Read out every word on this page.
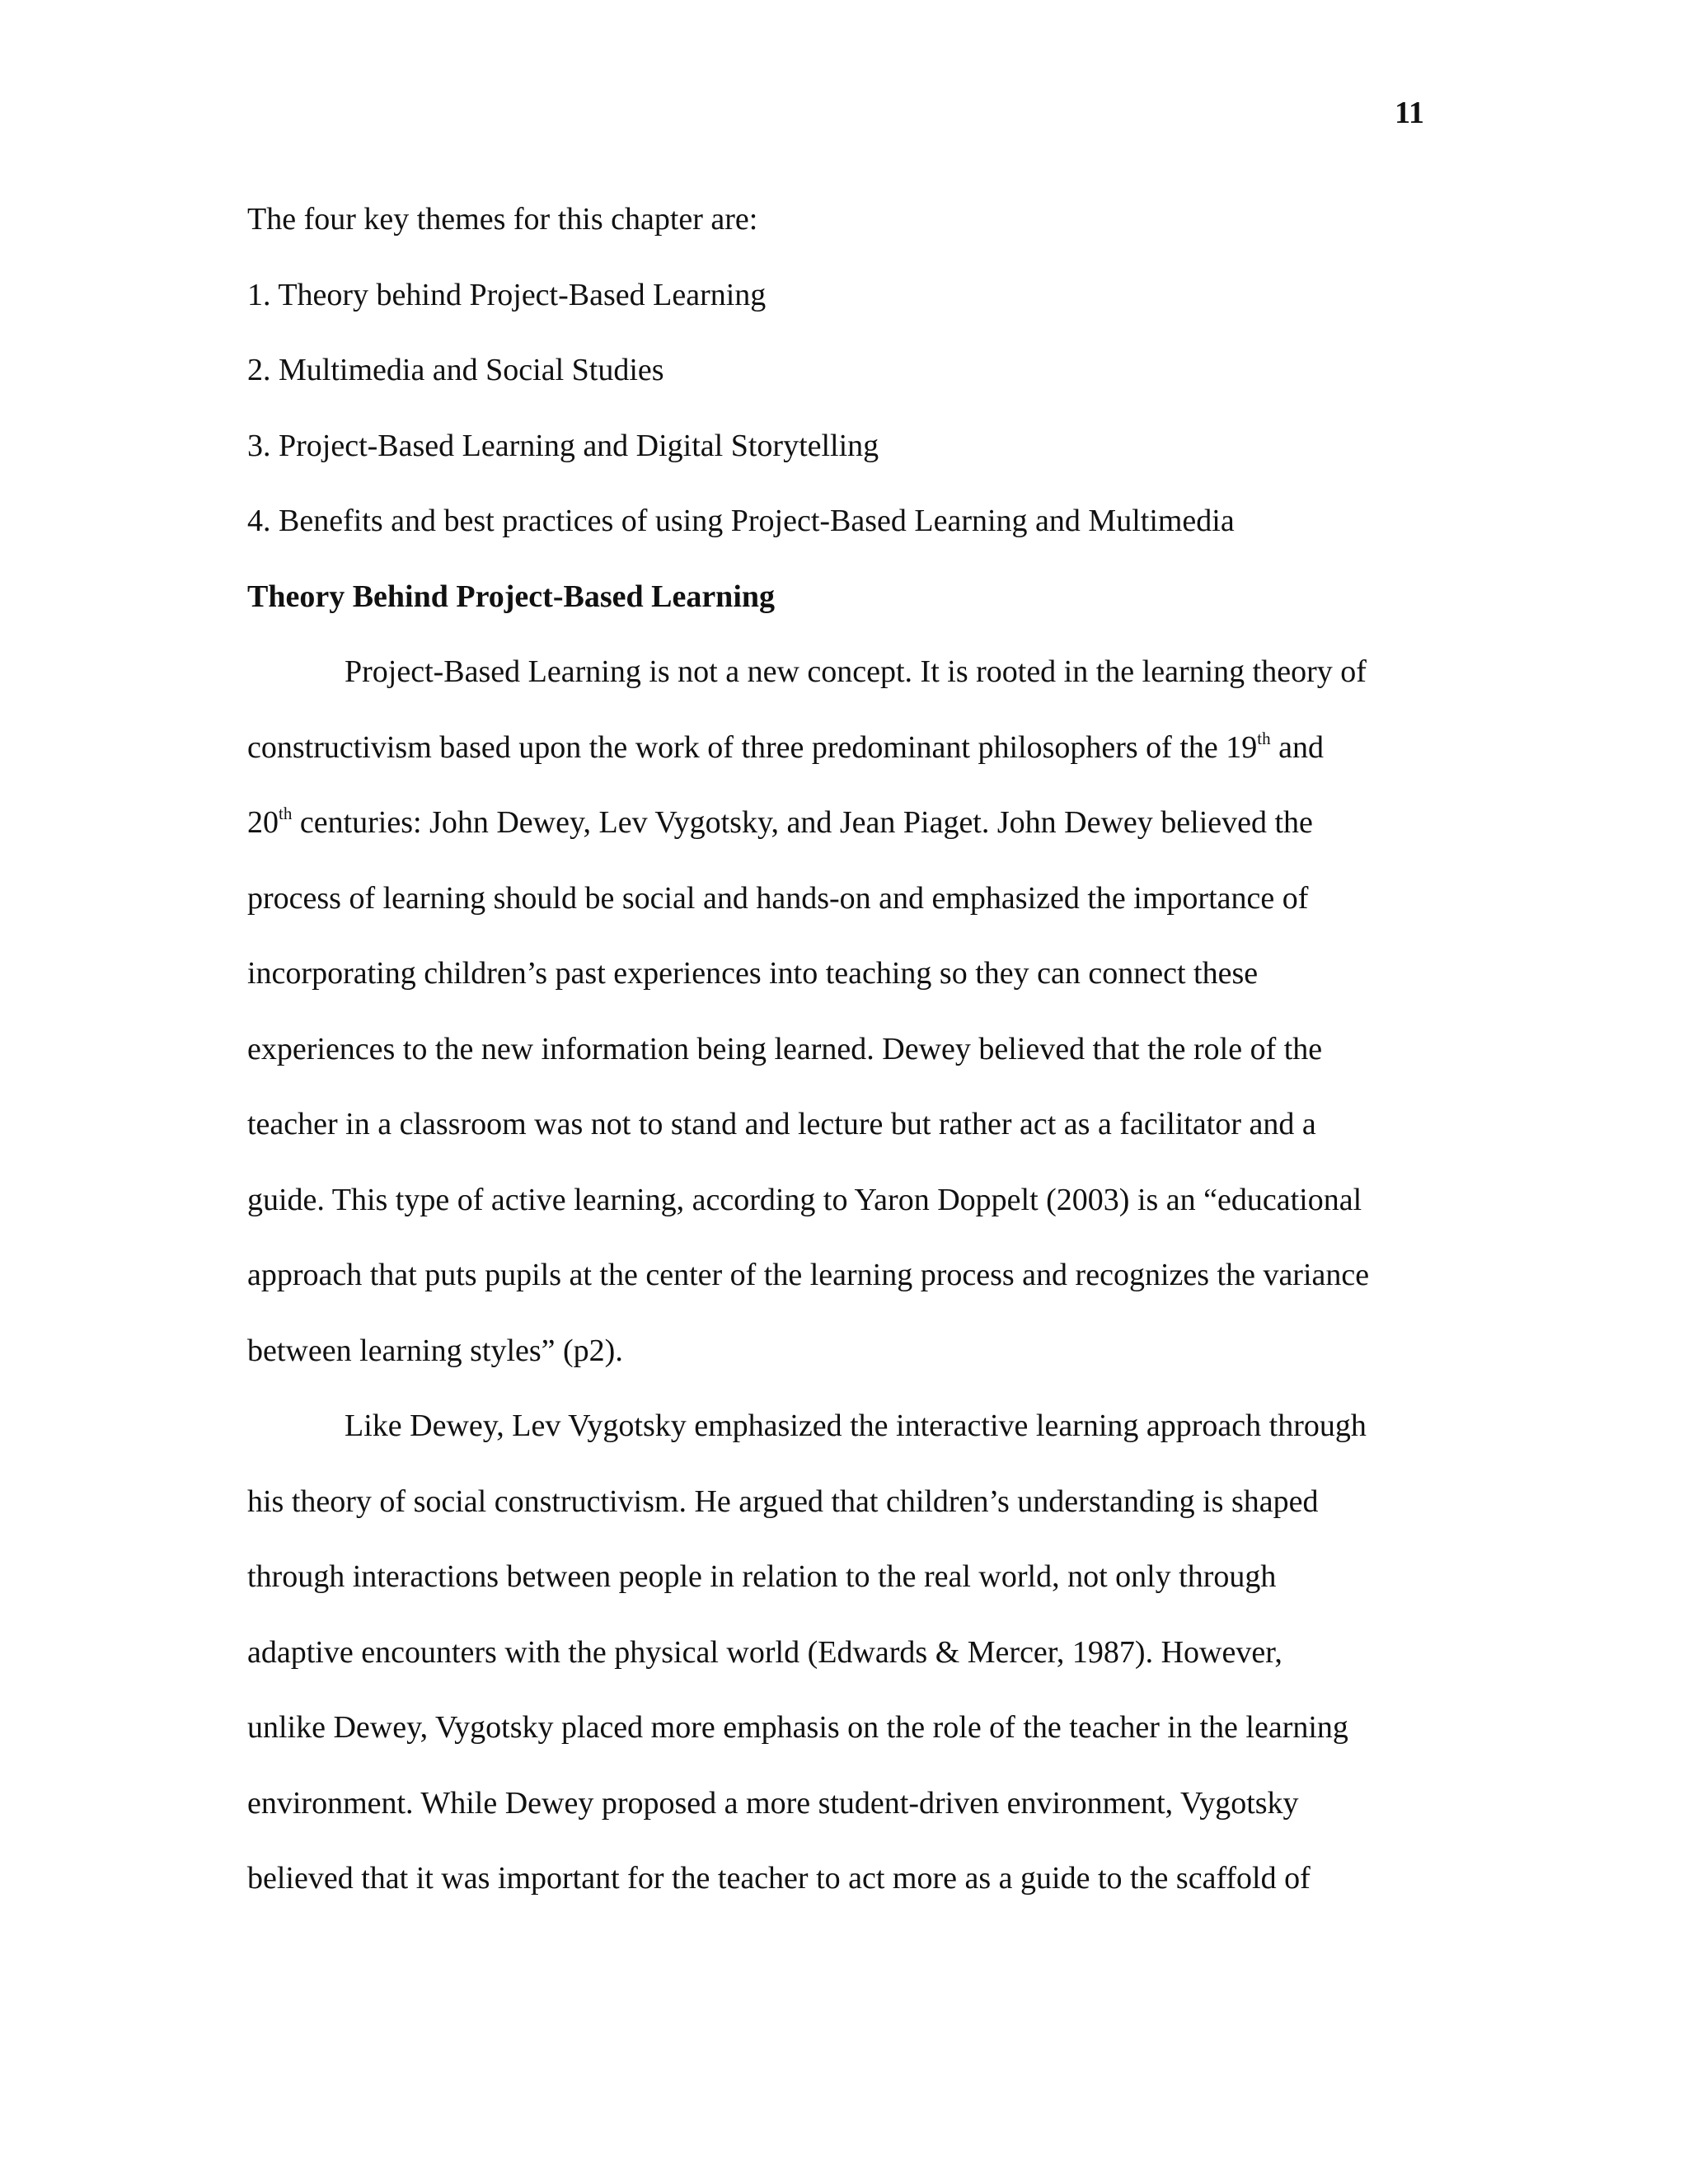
11
The four key themes for this chapter are:
1. Theory behind Project-Based Learning
2. Multimedia and Social Studies
3. Project-Based Learning and Digital Storytelling
4. Benefits and best practices of using Project-Based Learning and Multimedia
Theory Behind Project-Based Learning
Project-Based Learning is not a new concept. It is rooted in the learning theory of
constructivism based upon the work of three predominant philosophers of the 19th and
20th centuries: John Dewey, Lev Vygotsky, and Jean Piaget. John Dewey believed the
process of learning should be social and hands-on and emphasized the importance of
incorporating children’s past experiences into teaching so they can connect these
experiences to the new information being learned. Dewey believed that the role of the
teacher in a classroom was not to stand and lecture but rather act as a facilitator and a
guide. This type of active learning, according to Yaron Doppelt (2003) is an “educational
approach that puts pupils at the center of the learning process and recognizes the variance
between learning styles” (p2).
Like Dewey, Lev Vygotsky emphasized the interactive learning approach through
his theory of social constructivism. He argued that children’s understanding is shaped
through interactions between people in relation to the real world, not only through
adaptive encounters with the physical world (Edwards & Mercer, 1987). However,
unlike Dewey, Vygotsky placed more emphasis on the role of the teacher in the learning
environment. While Dewey proposed a more student-driven environment, Vygotsky
believed that it was important for the teacher to act more as a guide to the scaffold of
